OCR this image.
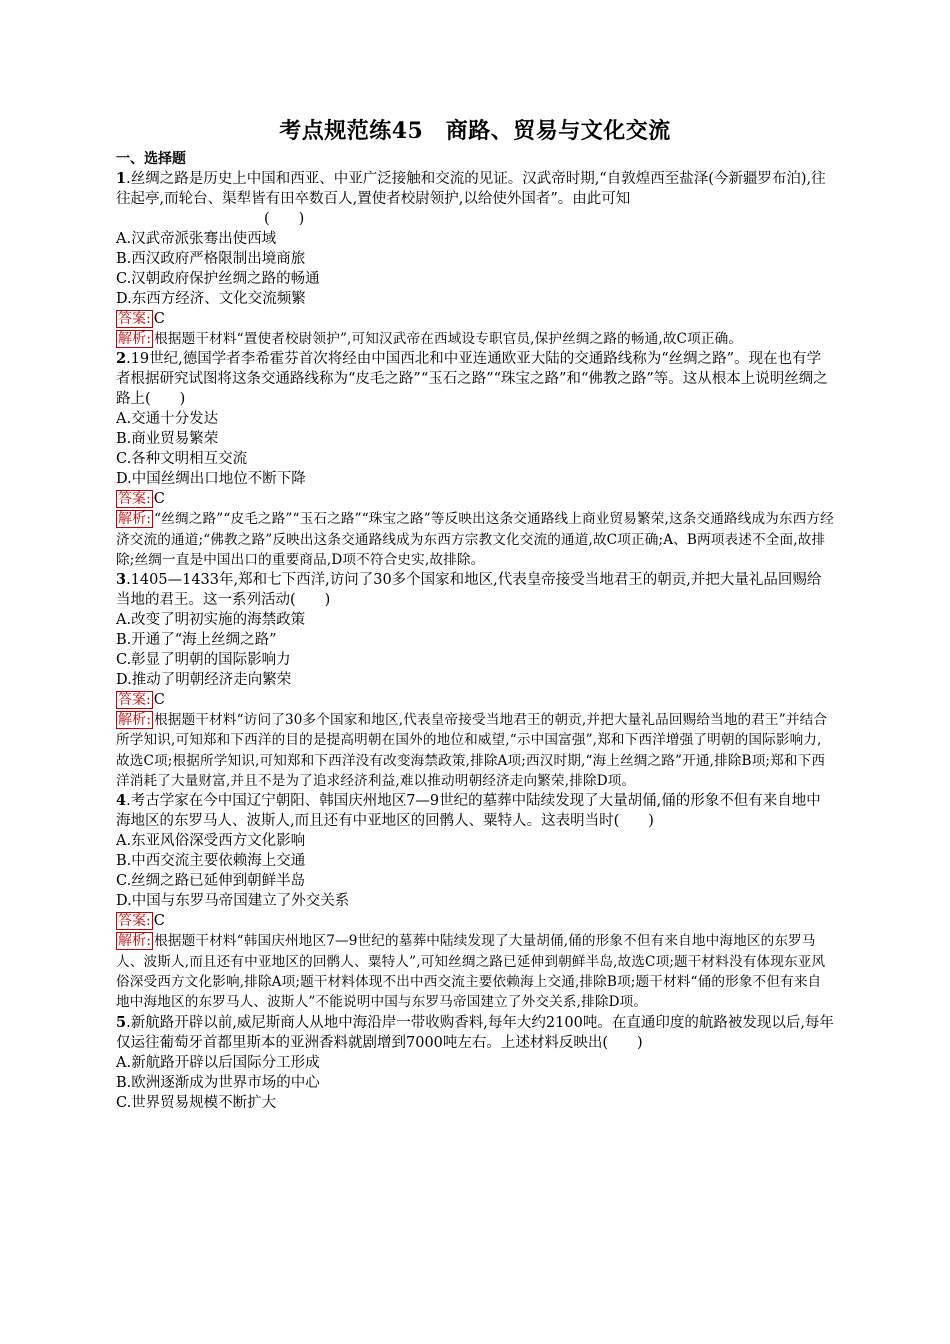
考点规范练45　商路、贸易与文化交流

一、选择题

1.丝绸之路是历史上中国和西亚、中亚广泛接触和交流的见证。汉武帝时期,“自敦煌西至盐泽(今新疆罗布泊),往往起亭,而轮台、渠犁皆有田卒数百人,置使者校尉领护,以给使外国者”。由此可知
(　　)

A.汉武帝派张骞出使西域

B.西汉政府严格限制出境商旅

C.汉朝政府保护丝绸之路的畅通

D.东西方经济、文化交流频繁

答案: C

解析: 根据题干材料“置使者校尉领护”,可知汉武帝在西域设专职官员,保护丝绸之路的畅通,故C项正确。

2.19世纪,德国学者李希霍芬首次将经由中国西北和中亚连通欧亚大陆的交通路线称为“丝绸之路”。现在也有学者根据研究试图将这条交通路线称为“皮毛之路”“玉石之路”“珠宝之路”和“佛教之路”等。这从根本上说明丝绸之路上(　　)

A.交通十分发达

B.商业贸易繁荣

C.各种文明相互交流

D.中国丝绸出口地位不断下降

答案: C

解析: “丝绸之路”“皮毛之路”“玉石之路”“珠宝之路”等反映出这条交通路线上商业贸易繁荣,这条交通路线成为东西方经济交流的通道;“佛教之路”反映出这条交通路线成为东西方宗教文化交流的通道,故C项正确;A、B两项表述不全面,故排除;丝绸一直是中国出口的重要商品,D项不符合史实,故排除。

3.1405—1433年,郑和七下西洋,访问了30多个国家和地区,代表皇帝接受当地君王的朝贡,并把大量礼品回赐给当地的君王。这一系列活动(　　)

A.改变了明初实施的海禁政策

B.开通了“海上丝绸之路”

C.彰显了明朝的国际影响力

D.推动了明朝经济走向繁荣

答案: C

解析: 根据题干材料“访问了30多个国家和地区,代表皇帝接受当地君王的朝贡,并把大量礼品回赐给当地的君王”并结合所学知识,可知郑和下西洋的目的是提高明朝在国外的地位和威望,“示中国富强”,郑和下西洋增强了明朝的国际影响力,故选C项;根据所学知识,可知郑和下西洋没有改变海禁政策,排除A项;西汉时期,“海上丝绸之路”开通,排除B项;郑和下西洋消耗了大量财富,并且不是为了追求经济利益,难以推动明朝经济走向繁荣,排除D项。

4.考古学家在今中国辽宁朝阳、韩国庆州地区7—9世纪的墓葬中陆续发现了大量胡俑,俑的形象不但有来自地中海地区的东罗马人、波斯人,而且还有中亚地区的回鹘人、粟特人。这表明当时(　　)

A.东亚风俗深受西方文化影响

B.中西交流主要依赖海上交通

C.丝绸之路已延伸到朝鲜半岛

D.中国与东罗马帝国建立了外交关系

答案: C

解析: 根据题干材料“韩国庆州地区7—9世纪的墓葬中陆续发现了大量胡俑,俑的形象不但有来自地中海地区的东罗马人、波斯人,而且还有中亚地区的回鹘人、粟特人”,可知丝绸之路已延伸到朝鲜半岛,故选C项;题干材料没有体现东亚风俗深受西方文化影响,排除A项;题干材料体现不出中西交流主要依赖海上交通,排除B项;题干材料“俑的形象不但有来自地中海地区的东罗马人、波斯人”不能说明中国与东罗马帝国建立了外交关系,排除D项。

5.新航路开辟以前,威尼斯商人从地中海沿岸一带收购香料,每年大约2100吨。在直通印度的航路被发现以后,每年仅运往葡萄牙首都里斯本的亚洲香料就剧增到7000吨左右。上述材料反映出(　　)

A.新航路开辟以后国际分工形成

B.欧洲逐渐成为世界市场的中心

C.世界贸易规模不断扩大
